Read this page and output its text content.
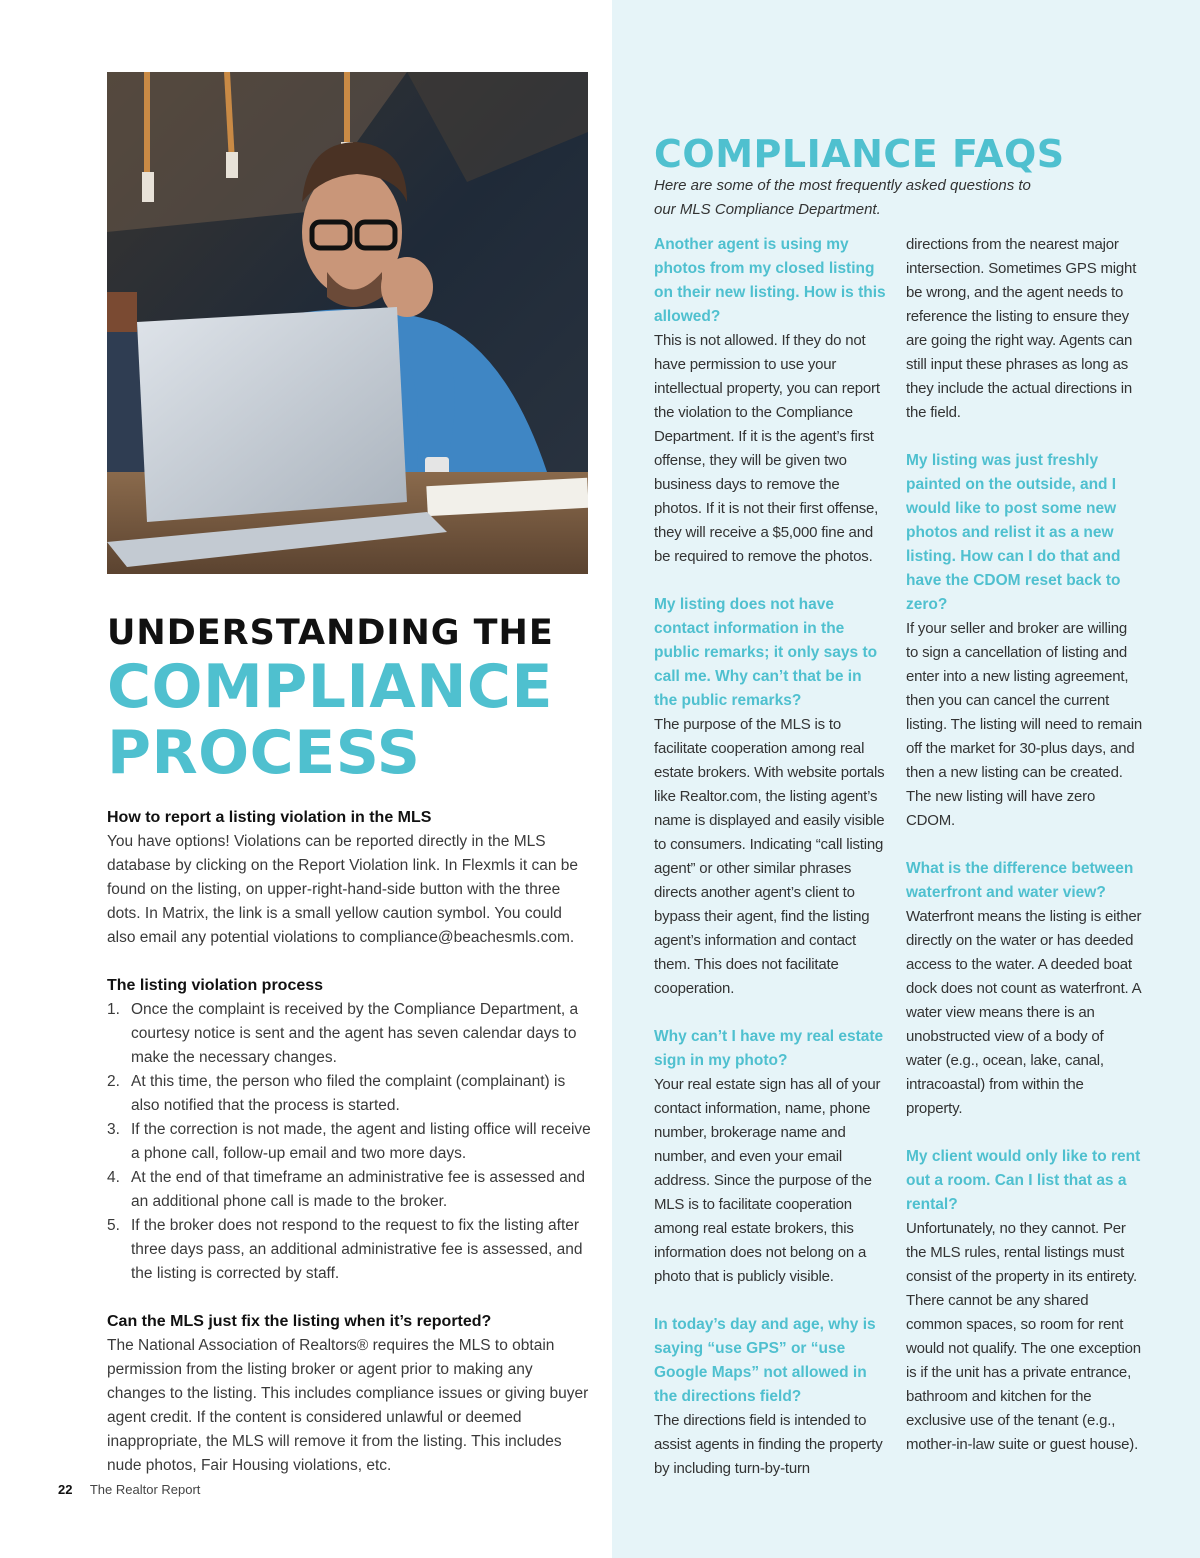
UNDERSTANDING THE
COMPLIANCE
PROCESS
How to report a listing violation in the MLS

You have options! Violations can be reported directly in the MLS database by clicking on the Report Violation link. In Flexmls it can be found on the listing, on upper-right-hand-side button with the three dots. In Matrix, the link is a small yellow caution symbol. You could also email any potential violations to compliance@beachesmls.com.

The listing violation process
1. Once the complaint is received by the Compliance Department, a courtesy notice is sent and the agent has seven calendar days to make the necessary changes.
2. At this time, the person who filed the complaint (complainant) is also notified that the process is started.
3. If the correction is not made, the agent and listing office will receive a phone call, follow-up email and two more days.
4. At the end of that timeframe an administrative fee is assessed and an additional phone call is made to the broker.
5. If the broker does not respond to the request to fix the listing after three days pass, an additional administrative fee is assessed, and the listing is corrected by staff.
Can the MLS just fix the listing when it’s reported?

The National Association of Realtors® requires the MLS to obtain permission from the listing broker or agent prior to making any changes to the listing. This includes compliance issues or giving buyer agent credit. If the content is considered unlawful or deemed inappropriate, the MLS will remove it from the listing. This includes nude photos, Fair Housing violations, etc.

22 The Realtor Report
COMPLIANCE FAQS
Here are some of the most frequently asked questions to our MLS Compliance Department.
Another agent is using my photos from my closed listing on their new listing. How is this allowed?
This is not allowed. If they do not have permission to use your intellectual property, you can report the violation to the Compliance Department. If it is the agent’s first offense, they will be given two business days to remove the photos. If it is not their first offense, they will receive a $5,000 fine and be required to remove the photos.
My listing does not have contact information in the public remarks; it only says to call me. Why can’t that be in the public remarks?
The purpose of the MLS is to facilitate cooperation among real estate brokers. With website portals like Realtor.com, the listing agent’s name is displayed and easily visible to consumers. Indicating “call listing agent” or other similar phrases directs another agent’s client to bypass their agent, find the listing agent’s information and contact them. This does not facilitate cooperation.
Why can’t I have my real estate sign in my photo?
Your real estate sign has all of your contact information, name, phone number, brokerage name and number, and even your email address. Since the purpose of the MLS is to facilitate cooperation among real estate brokers, this information does not belong on a photo that is publicly visible.
In today’s day and age, why is saying “use GPS” or “use Google Maps” not allowed in the directions field?
The directions field is intended to assist agents in finding the property by including turn-by-turn
directions from the nearest major intersection. Sometimes GPS might be wrong, and the agent needs to reference the listing to ensure they are going the right way. Agents can still input these phrases as long as they include the actual directions in the field.
My listing was just freshly painted on the outside, and I would like to post some new photos and relist it as a new listing. How can I do that and have the CDOM reset back to zero?
If your seller and broker are willing to sign a cancellation of listing and enter into a new listing agreement, then you can cancel the current listing. The listing will need to remain off the market for 30-plus days, and then a new listing can be created. The new listing will have zero CDOM.
What is the difference between waterfront and water view?
Waterfront means the listing is either directly on the water or has deeded access to the water. A deeded boat dock does not count as waterfront. A water view means there is an unobstructed view of a body of water (e.g., ocean, lake, canal, intracoastal) from within the property.
My client would only like to rent out a room. Can I list that as a rental?
Unfortunately, no they cannot. Per the MLS rules, rental listings must consist of the property in its entirety. There cannot be any shared common spaces, so room for rent would not qualify. The one exception is if the unit has a private entrance, bathroom and kitchen for the exclusive use of the tenant (e.g., mother-in-law suite or guest house).
